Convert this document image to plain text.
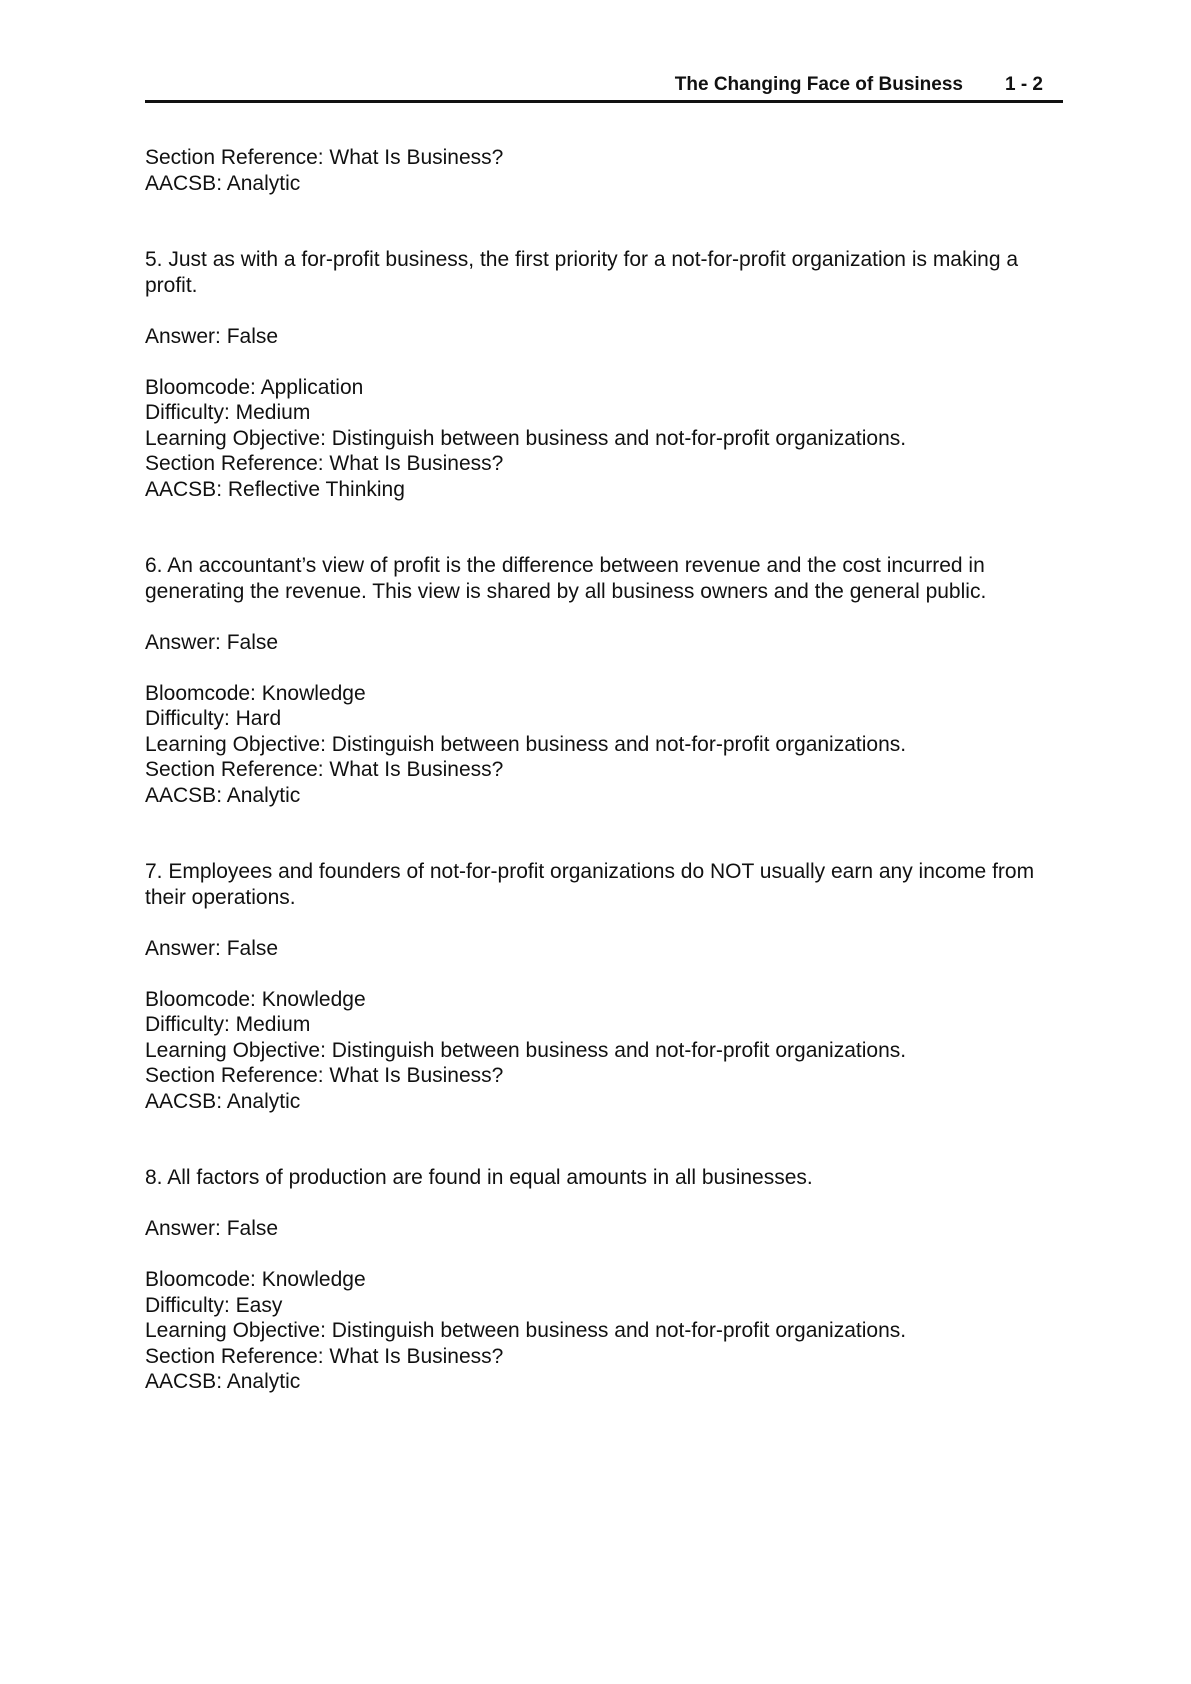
The Changing Face of Business 1 - 2
Section Reference: What Is Business?
AACSB: Analytic
5. Just as with a for-profit business, the first priority for a not-for-profit organization is making a
profit.
Answer: False
Bloomcode: Application
Difficulty: Medium
Learning Objective: Distinguish between business and not-for-profit organizations.
Section Reference: What Is Business?
AACSB: Reflective Thinking
6. An accountant’s view of profit is the difference between revenue and the cost incurred in
generating the revenue. This view is shared by all business owners and the general public.
Answer: False
Bloomcode: Knowledge
Difficulty: Hard
Learning Objective: Distinguish between business and not-for-profit organizations.
Section Reference: What Is Business?
AACSB: Analytic
7. Employees and founders of not-for-profit organizations do NOT usually earn any income from
their operations.
Answer: False
Bloomcode: Knowledge
Difficulty: Medium
Learning Objective: Distinguish between business and not-for-profit organizations.
Section Reference: What Is Business?
AACSB: Analytic
8. All factors of production are found in equal amounts in all businesses.
Answer: False
Bloomcode: Knowledge
Difficulty: Easy
Learning Objective: Distinguish between business and not-for-profit organizations.
Section Reference: What Is Business?
AACSB: Analytic
